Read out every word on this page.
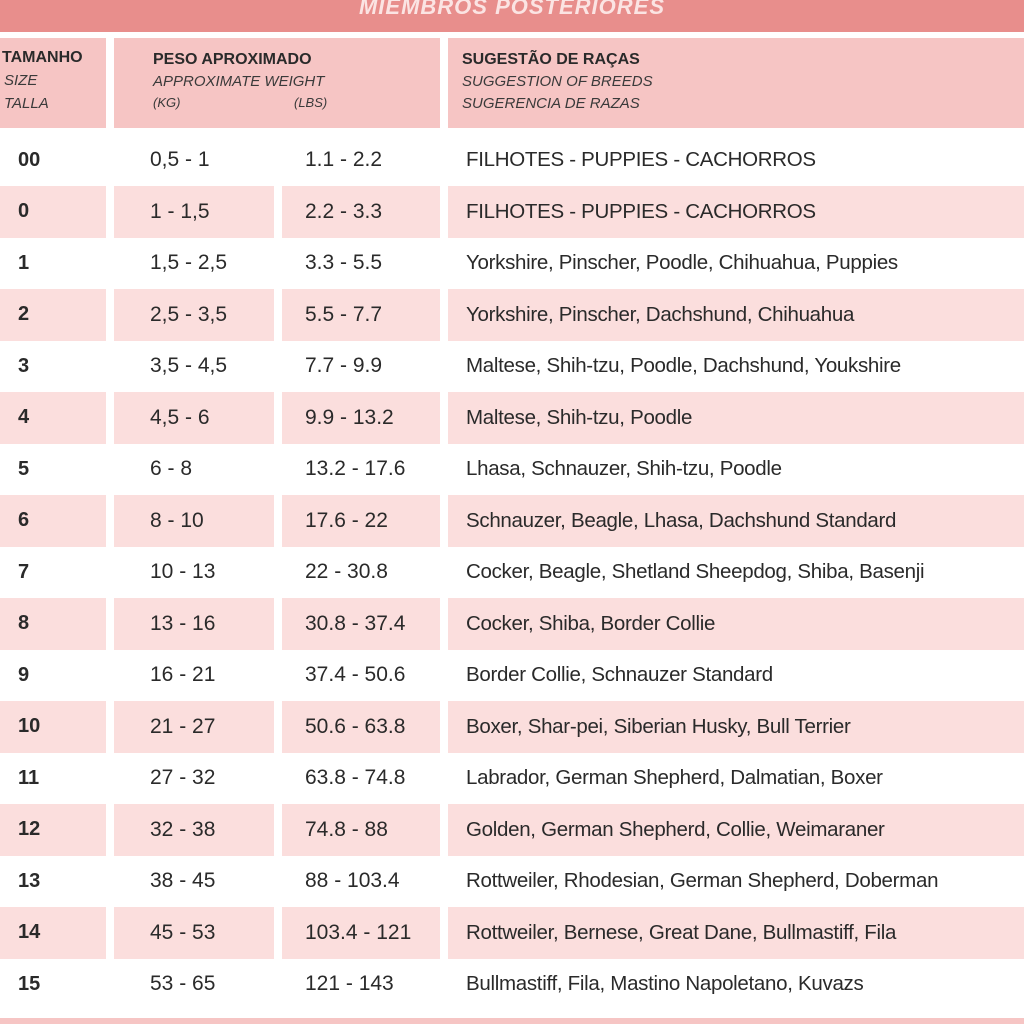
MIEMBROS POSTERIORES
TAMANHO
SIZE
TALLA
PESO APROXIMADO
APPROXIMATE WEIGHT
(KG)	(LBS)
SUGESTÃO DE RAÇAS
SUGGESTION OF BREEDS
SUGERENCIA DE RAZAS
00	0,5 - 1	1.1 - 2.2	FILHOTES - PUPPIES - CACHORROS
0	1 - 1,5	2.2 - 3.3	FILHOTES - PUPPIES - CACHORROS
1	1,5 - 2,5	3.3 - 5.5	Yorkshire, Pinscher, Poodle, Chihuahua, Puppies
2	2,5 - 3,5	5.5 - 7.7	Yorkshire, Pinscher, Dachshund, Chihuahua
3	3,5 - 4,5	7.7 - 9.9	Maltese, Shih-tzu, Poodle, Dachshund, Youkshire
4	4,5 - 6	9.9 - 13.2	Maltese, Shih-tzu, Poodle
5	6 - 8	13.2 - 17.6	Lhasa, Schnauzer, Shih-tzu, Poodle
6	8 - 10	17.6 - 22	Schnauzer, Beagle, Lhasa, Dachshund Standard
7	10 - 13	22 - 30.8	Cocker, Beagle, Shetland Sheepdog, Shiba, Basenji
8	13 - 16	30.8 - 37.4	Cocker, Shiba, Border Collie
9	16 - 21	37.4 - 50.6	Border Collie, Schnauzer Standard
10	21 - 27	50.6 - 63.8	Boxer, Shar-pei, Siberian Husky, Bull Terrier
11	27 - 32	63.8 - 74.8	Labrador, German Shepherd, Dalmatian, Boxer
12	32 - 38	74.8 - 88	Golden, German Shepherd, Collie, Weimaraner
13	38 - 45	88 - 103.4	Rottweiler, Rhodesian, German Shepherd, Doberman
14	45 - 53	103.4 - 121	Rottweiler, Bernese, Great Dane, Bullmastiff, Fila
15	53 - 65	121 - 143	Bullmastiff, Fila, Mastino Napoletano, Kuvazs
